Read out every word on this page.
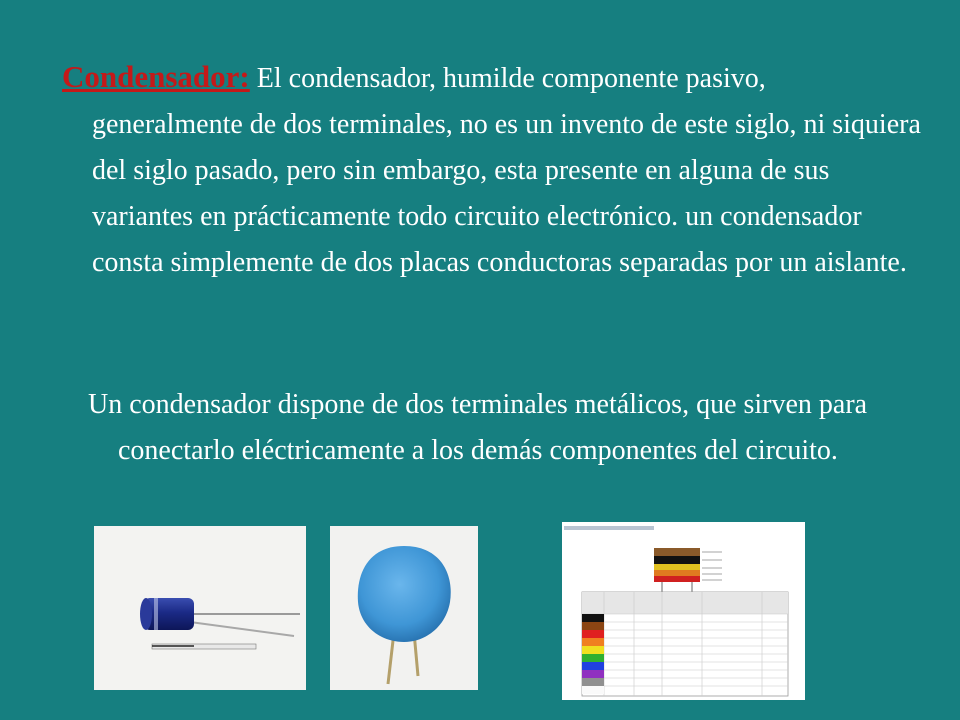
Condensador: El condensador, humilde componente pasivo, generalmente de dos terminales, no es un invento de este siglo, ni siquiera del siglo pasado, pero sin embargo, esta presente en alguna de sus variantes en prácticamente todo circuito electrónico. un condensador consta simplemente de dos placas conductoras separadas por un aislante.

Un condensador dispone de dos terminales metálicos, que sirven para conectarlo eléctricamente a los demás componentes del circuito.
